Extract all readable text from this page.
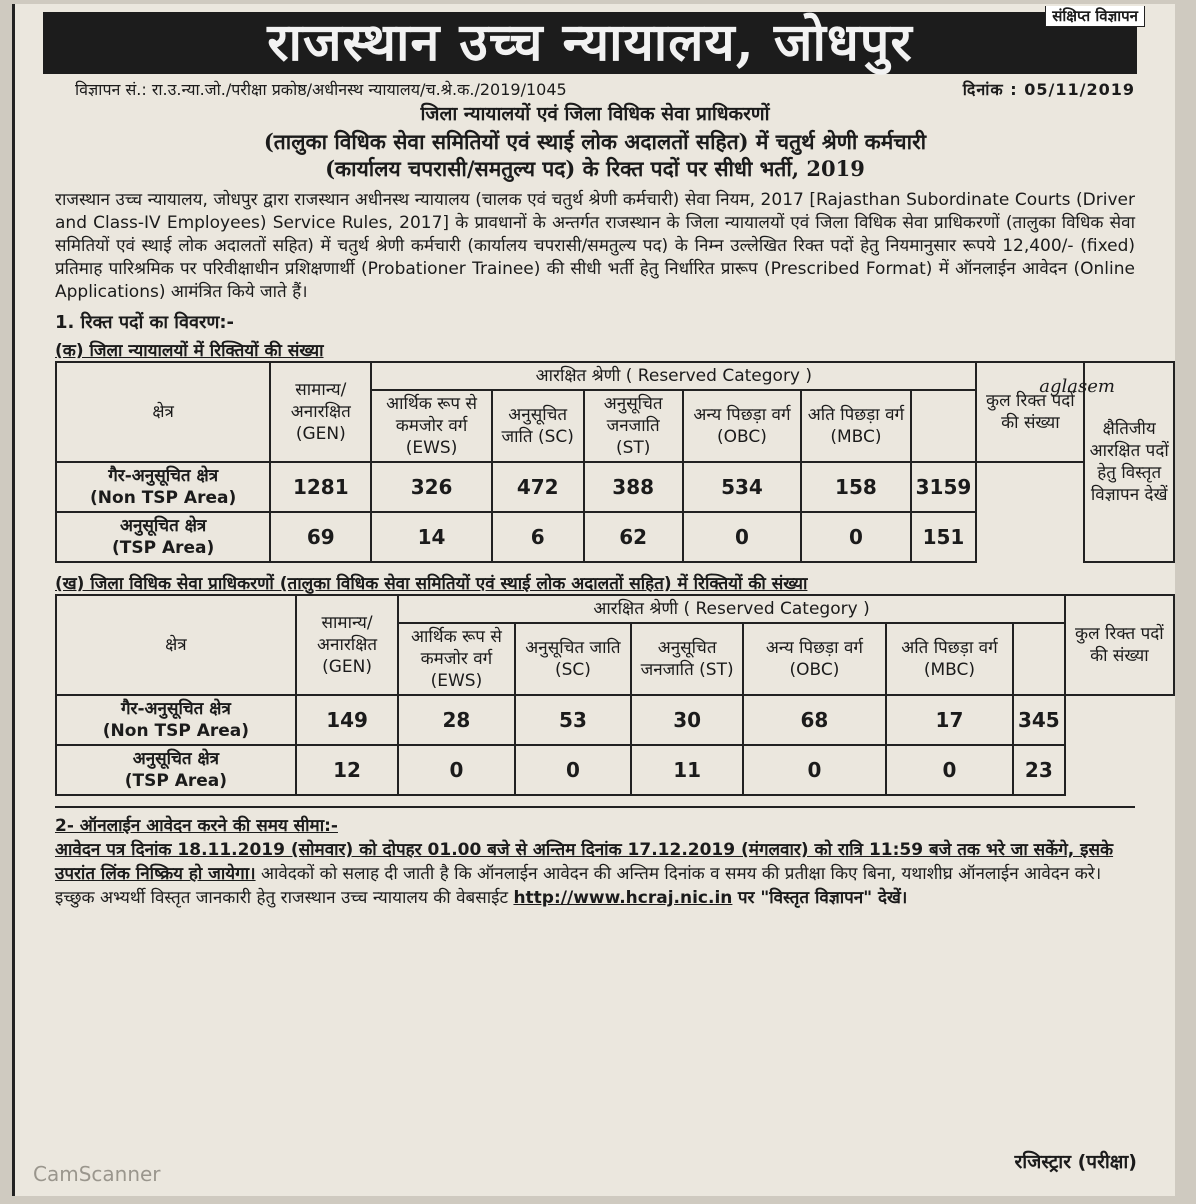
संक्षिप्त विज्ञापन
राजस्थान उच्च न्यायालय, जोधपुर
विज्ञापन सं.: रा.उ.न्या.जो./परीक्षा प्रकोष्ठ/अधीनस्थ न्यायालय/च.श्रे.क./2019/1045	दिनांक : 05/11/2019
जिला न्यायालयों एवं जिला विधिक सेवा प्राधिकरणों
(तालुका विधिक सेवा समितियों एवं स्थाई लोक अदालतों सहित) में चतुर्थ श्रेणी कर्मचारी
(कार्यालय चपरासी/समतुल्य पद) के रिक्त पदों पर सीधी भर्ती, 2019
राजस्थान उच्च न्यायालय, जोधपुर द्वारा राजस्थान अधीनस्थ न्यायालय (चालक एवं चतुर्थ श्रेणी कर्मचारी) सेवा नियम, 2017 [Rajasthan Subordinate Courts (Driver and Class-IV Employees) Service Rules, 2017] के प्रावधानों के अन्तर्गत राजस्थान के जिला न्यायालयों एवं जिला विधिक सेवा प्राधिकरणों (तालुका विधिक सेवा समितियों एवं स्थाई लोक अदालतों सहित) में चतुर्थ श्रेणी कर्मचारी (कार्यालय चपरासी/समतुल्य पद) के निम्न उल्लेखित रिक्त पदों हेतु नियमानुसार रूपये 12,400/- (fixed) प्रतिमाह पारिश्रमिक पर परिवीक्षाधीन प्रशिक्षणार्थी (Probationer Trainee) की सीधी भर्ती हेतु निर्धारित प्रारूप (Prescribed Format) में ऑनलाईन आवेदन (Online Applications) आमंत्रित किये जाते हैं।
aglasem
1. रिक्त पदों का विवरण:-
(क) जिला न्यायालयों में रिक्तियों की संख्या
क्षेत्र	सामान्य/अनारक्षित (GEN)	आरक्षित श्रेणी ( Reserved Category )						कुल रिक्त पदों की संख्या	क्षैतिजीय आरक्षित पदों हेतु विस्तृत विज्ञापन देखें
		आर्थिक रूप से कमजोर वर्ग (EWS)	अनुसूचित जाति (SC)	अनुसूचित जनजाति (ST)	अन्य पिछड़ा वर्ग (OBC)	अति पिछड़ा वर्ग (MBC)			

गैर-अनुसूचित क्षेत्र
(Non TSP Area)	1281	326	472	388	534	158	3159		

अनुसूचित क्षेत्र
(TSP Area)	69	14	6	62	0	0	151		
(ख) जिला विधिक सेवा प्राधिकरणों (तालुका विधिक सेवा समितियों एवं स्थाई लोक अदालतों सहित) में रिक्तियों की संख्या
क्षेत्र	सामान्य/अनारक्षित (GEN)	आरक्षित श्रेणी ( Reserved Category )						कुल रिक्त पदों की संख्या
		आर्थिक रूप से कमजोर वर्ग (EWS)	अनुसूचित जाति (SC)	अनुसूचित जनजाति (ST)	अन्य पिछड़ा वर्ग (OBC)	अति पिछड़ा वर्ग (MBC)		

गैर-अनुसूचित क्षेत्र
(Non TSP Area)	149	28	53	30	68	17	345	

अनुसूचित क्षेत्र
(TSP Area)	12	0	0	11	0	0	23	
2- ऑनलाईन आवेदन करने की समय सीमा:-
आवेदन पत्र दिनांक 18.11.2019 (सोमवार) को दोपहर 01.00 बजे से अन्तिम दिनांक 17.12.2019 (मंगलवार) को रात्रि 11:59 बजे तक भरे जा सकेंगे, इसके उपरांत लिंक निष्क्रिय हो जायेगा। आवेदकों को सलाह दी जाती है कि ऑनलाईन आवेदन की अन्तिम दिनांक व समय की प्रतीक्षा किए बिना, यथाशीघ्र ऑनलाईन आवेदन करे। इच्छुक अभ्यर्थी विस्तृत जानकारी हेतु राजस्थान उच्च न्यायालय की वेबसाईट http://www.hcraj.nic.in पर "विस्तृत विज्ञापन" देखें।
रजिस्ट्रार (परीक्षा)
CamScanner
